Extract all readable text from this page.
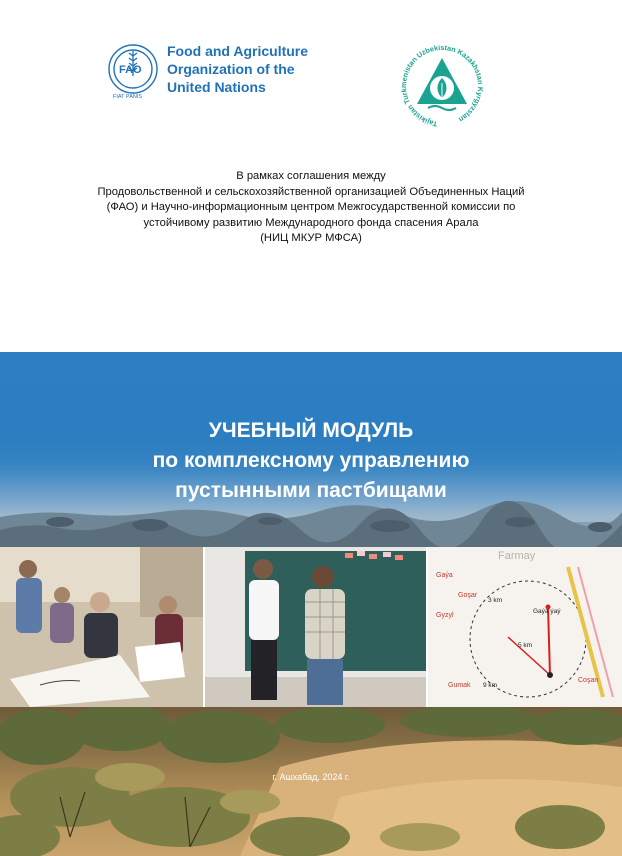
FAO
FIAT PANIS
Food and Agriculture
Organization of the
United Nations
Tajikistan Turkmenistan Uzbekistan Kazakhstan Kyrgyzstan
В рамках соглашения между
Продовольственной и сельскохозяйственной организацией Объединенных Наций
(ФАО) и Научно-информационным центром Межгосударственной комиссии по
устойчивому развитию Международного фонда спасения Арала
(НИЦ МКУР МФСА)
УЧЕБНЫЙ МОДУЛЬ
по комплексному управлению
пустынными пастбищами
Farmay
Gaýa
Goşar
Gyzyl
Coşan
Gumak
3 km
5 km
9 km
Gaýa ýaý
г. Ашхабад, 2024 г.
